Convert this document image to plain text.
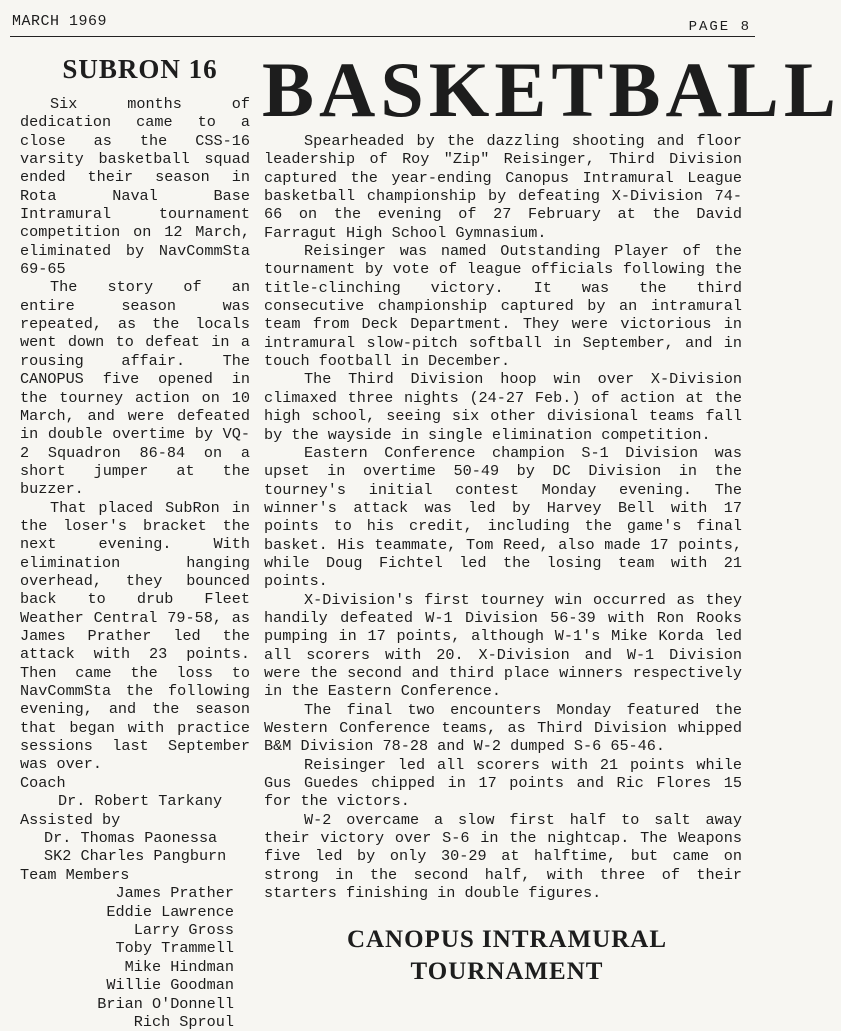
MARCH 1969	PAGE 8
SUBRON 16

Six months of dedication came to a close as the CSS-16 varsity basketball squad ended their season in Rota Naval Base Intramural tournament competition on 12 March, eliminated by NavCommSta 69-65

The story of an entire season was repeated, as the locals went down to defeat in a rousing affair. The CANOPUS five opened in the tourney action on 10 March, and were defeated in double overtime by VQ-2 Squadron 86-84 on a short jumper at the buzzer.

That placed SubRon in the loser's bracket the next evening. With elimination hanging overhead, they bounced back to drub Fleet Weather Central 79-58, as James Prather led the attack with 23 points. Then came the loss to NavCommSta the following evening, and the season that began with practice sessions last September was over.

Coach
Dr. Robert Tarkany
Assisted by
Dr. Thomas Paonessa
SK2 Charles Pangburn
Team Members
James Prather
Eddie Lawrence
Larry Gross
Toby Trammell
Mike Hindman
Willie Goodman
Brian O'Donnell
Rich Sproul
BASKETBALL

Spearheaded by the dazzling shooting and floor leadership of Roy "Zip" Reisinger, Third Division captured the year-ending Canopus Intramural League basketball championship by defeating X-Division 74-66 on the evening of 27 February at the David Farragut High School Gymnasium.

Reisinger was named Outstanding Player of the tournament by vote of league officials following the title-clinching victory. It was the third consecutive championship captured by an intramural team from Deck Department. They were victorious in intramural slow-pitch softball in September, and in touch football in December.

The Third Division hoop win over X-Division climaxed three nights (24-27 Feb.) of action at the high school, seeing six other divisional teams fall by the wayside in single elimination competition.

Eastern Conference champion S-1 Division was upset in overtime 50-49 by DC Division in the tourney's initial contest Monday evening. The winner's attack was led by Harvey Bell with 17 points to his credit, including the game's final basket. His teammate, Tom Reed, also made 17 points, while Doug Fichtel led the losing team with 21 points.

X-Division's first tourney win occurred as they handily defeated W-1 Division 56-39 with Ron Rooks pumping in 17 points, although W-1's Mike Korda led all scorers with 20. X-Division and W-1 Division were the second and third place winners respectively in the Eastern Conference.

The final two encounters Monday featured the Western Conference teams, as Third Division whipped B&M Division 78-28 and W-2 dumped S-6 65-46.

Reisinger led all scorers with 21 points while Gus Guedes chipped in 17 points and Ric Flores 15 for the victors.

W-2 overcame a slow first half to salt away their victory over S-6 in the nightcap. The Weapons five led by only 30-29 at halftime, but came on strong in the second half, with three of their starters finishing in double figures.

CANOPUS INTRAMURAL
TOURNAMENT
